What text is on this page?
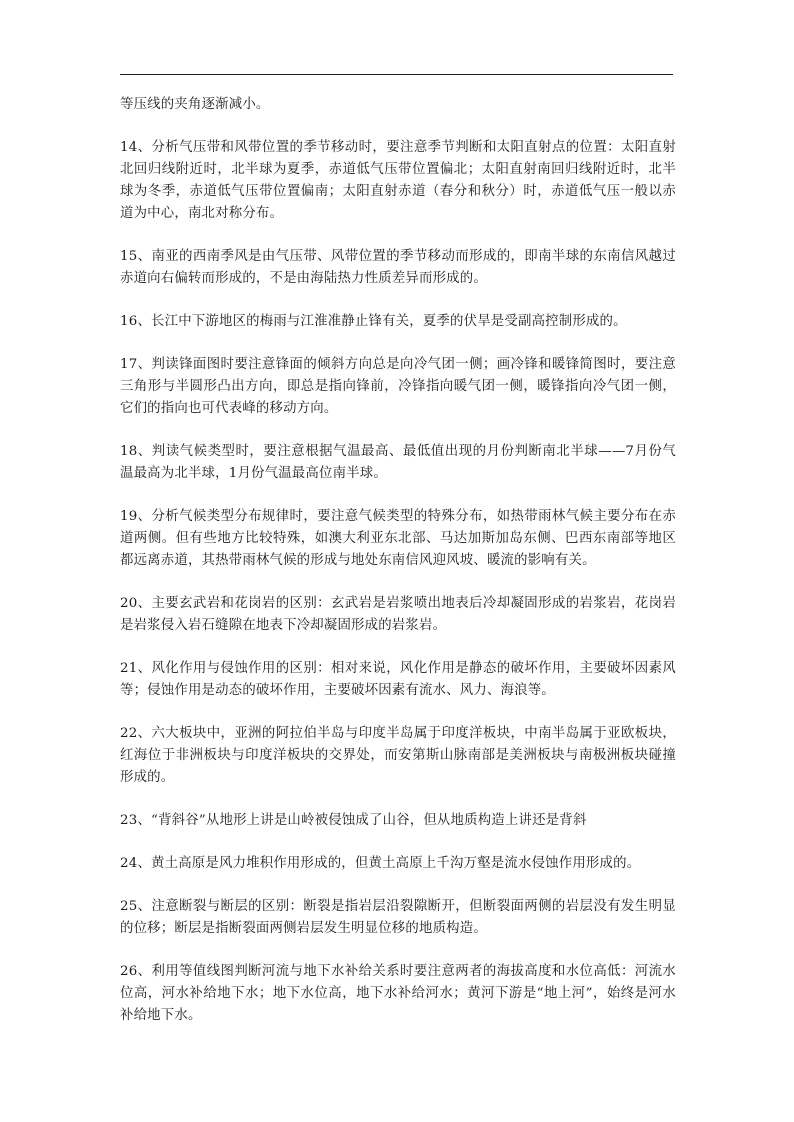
等压线的夹角逐渐减小。

14、分析气压带和风带位置的季节移动时，要注意季节判断和太阳直射点的位置：太阳直射北回归线附近时，北半球为夏季，赤道低气压带位置偏北；太阳直射南回归线附近时，北半球为冬季，赤道低气压带位置偏南；太阳直射赤道（春分和秋分）时，赤道低气压一般以赤道为中心，南北对称分布。

15、南亚的西南季风是由气压带、风带位置的季节移动而形成的，即南半球的东南信风越过赤道向右偏转而形成的，不是由海陆热力性质差异而形成的。

16、长江中下游地区的梅雨与江淮准静止锋有关，夏季的伏旱是受副高控制形成的。

17、判读锋面图时要注意锋面的倾斜方向总是向冷气团一侧；画冷锋和暖锋简图时，要注意三角形与半圆形凸出方向，即总是指向锋前，冷锋指向暖气团一侧，暖锋指向冷气团一侧，它们的指向也可代表峰的移动方向。

18、判读气候类型时，要注意根据气温最高、最低值出现的月份判断南北半球——7月份气温最高为北半球，1月份气温最高位南半球。

19、分析气候类型分布规律时，要注意气候类型的特殊分布，如热带雨林气候主要分布在赤道两侧。但有些地方比较特殊，如澳大利亚东北部、马达加斯加岛东侧、巴西东南部等地区都远离赤道，其热带雨林气候的形成与地处东南信风迎风坡、暖流的影响有关。

20、主要玄武岩和花岗岩的区别：玄武岩是岩浆喷出地表后冷却凝固形成的岩浆岩，花岗岩是岩浆侵入岩石缝隙在地表下冷却凝固形成的岩浆岩。

21、风化作用与侵蚀作用的区别：相对来说，风化作用是静态的破坏作用，主要破坏因素风等；侵蚀作用是动态的破坏作用，主要破坏因素有流水、风力、海浪等。

22、六大板块中，亚洲的阿拉伯半岛与印度半岛属于印度洋板块，中南半岛属于亚欧板块，红海位于非洲板块与印度洋板块的交界处，而安第斯山脉南部是美洲板块与南极洲板块碰撞形成的。

23、“背斜谷”从地形上讲是山岭被侵蚀成了山谷，但从地质构造上讲还是背斜

24、黄土高原是风力堆积作用形成的，但黄土高原上千沟万壑是流水侵蚀作用形成的。

25、注意断裂与断层的区别：断裂是指岩层沿裂隙断开，但断裂面两侧的岩层没有发生明显的位移；断层是指断裂面两侧岩层发生明显位移的地质构造。

26、利用等值线图判断河流与地下水补给关系时要注意两者的海拔高度和水位高低：河流水位高，河水补给地下水；地下水位高，地下水补给河水；黄河下游是“地上河”，始终是河水补给地下水。
